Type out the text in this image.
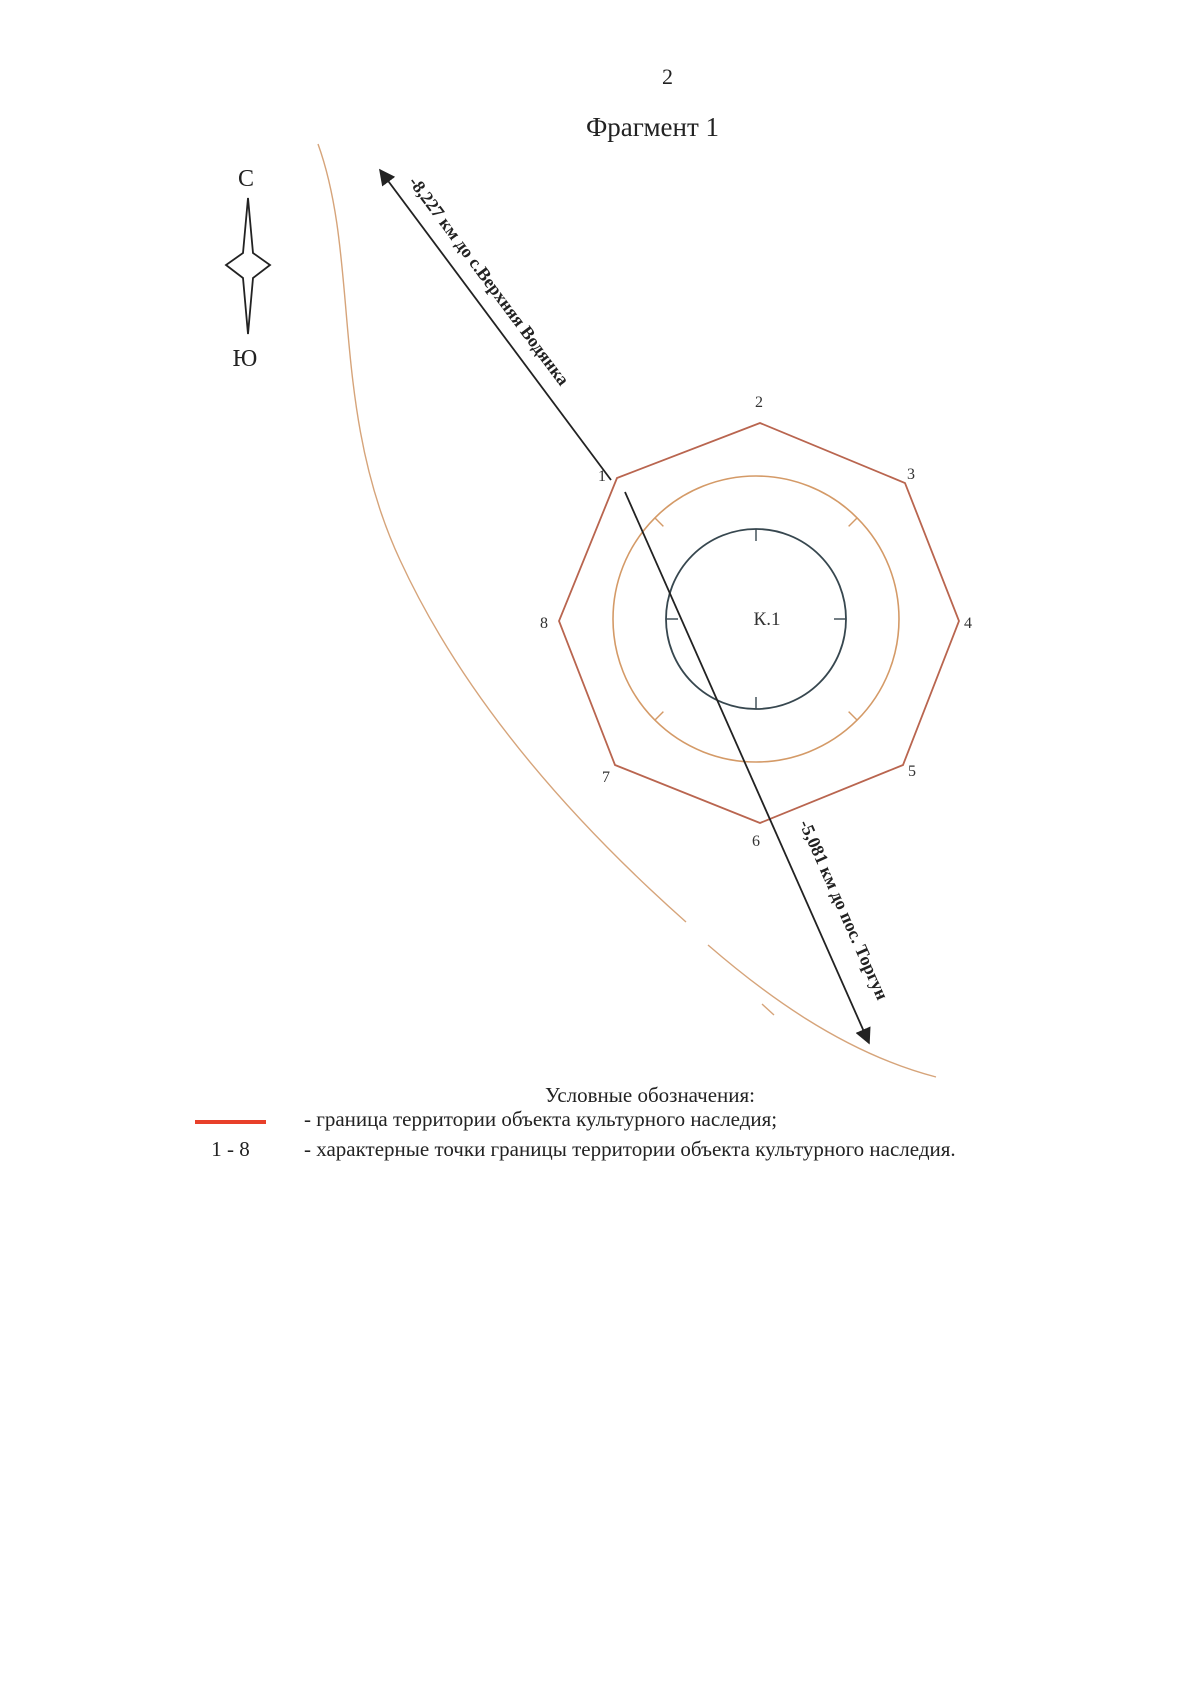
2
Фрагмент 1
С
Ю
К.1
1
2
3
4
5
6
7
8
-8,227 км до с.Верхняя Водянка
-5,081 км до пос. Торгун
Условные обозначения:
- граница территории объекта культурного наследия;
1 - 8	- характерные точки границы территории объекта культурного наследия.
